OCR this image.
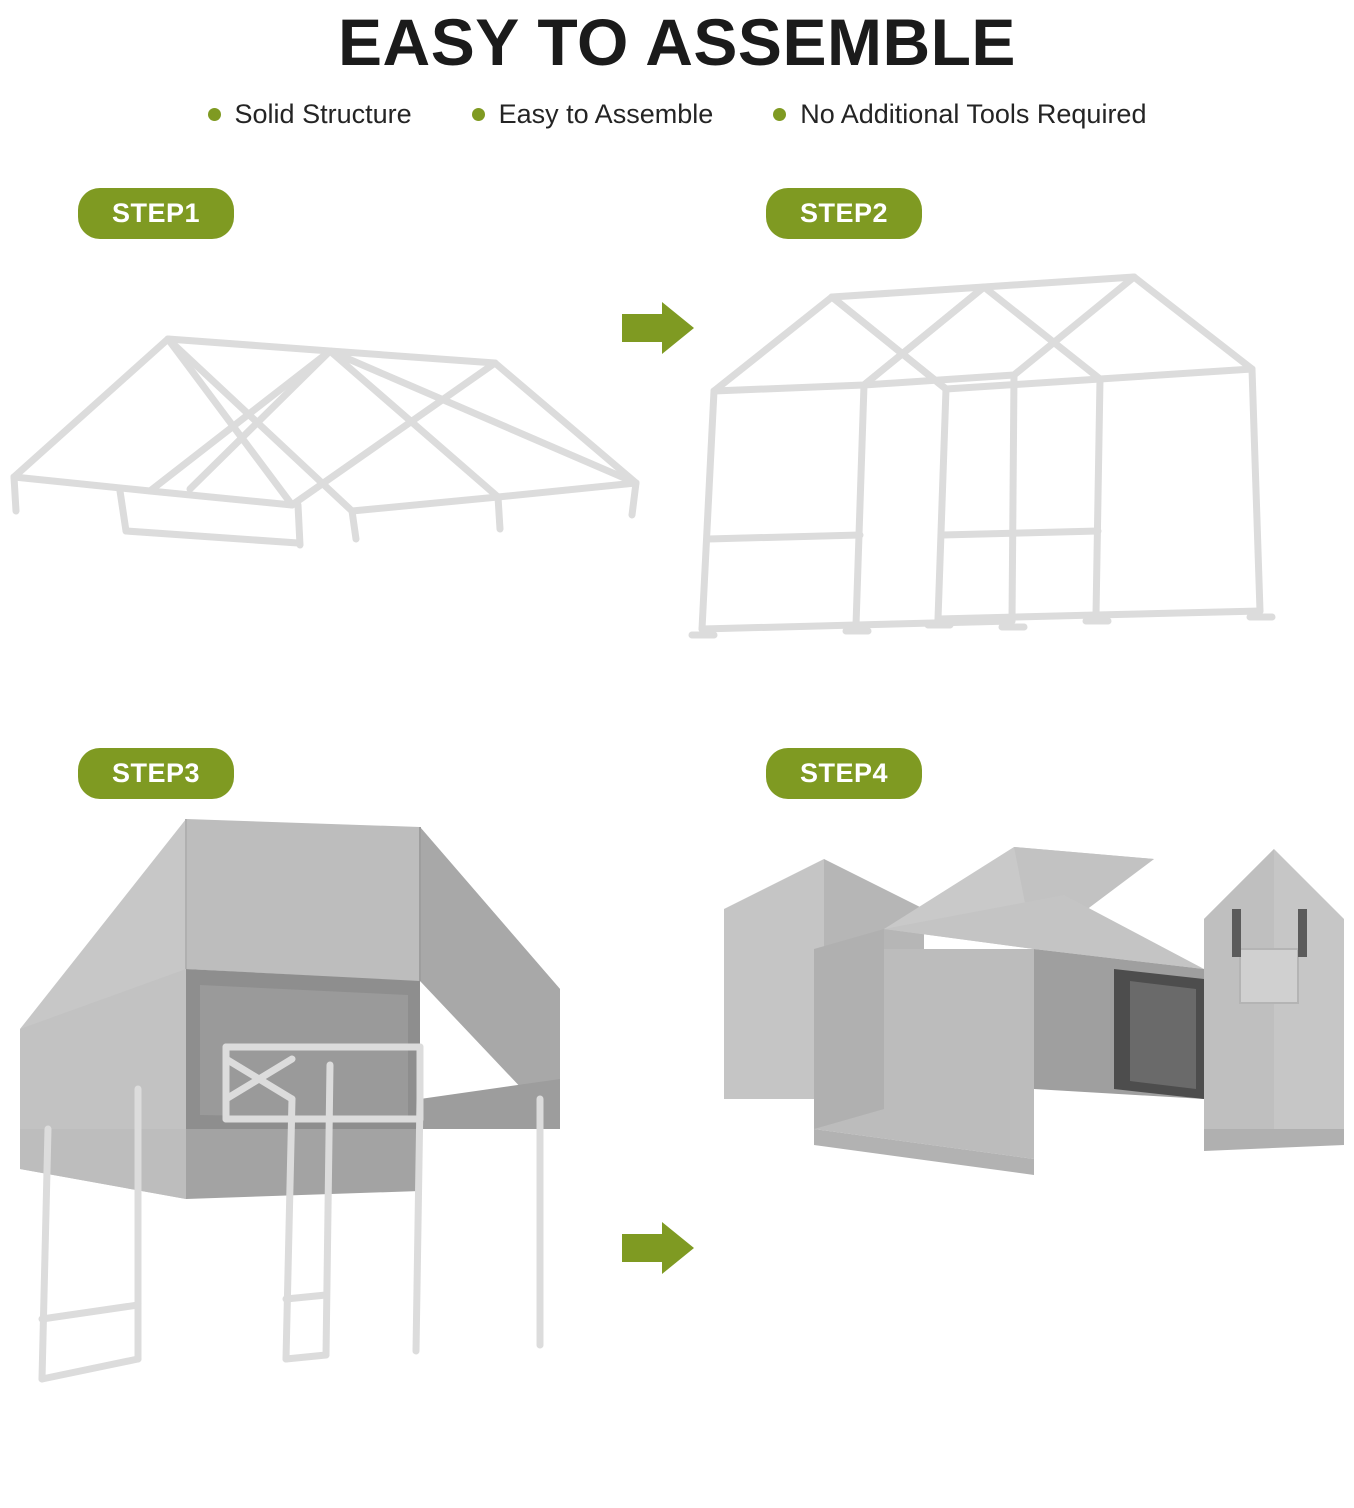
EASY TO ASSEMBLE
Solid Structure	Easy to Assemble	No Additional Tools Required
STEP1	STEP2
STEP3	STEP4
